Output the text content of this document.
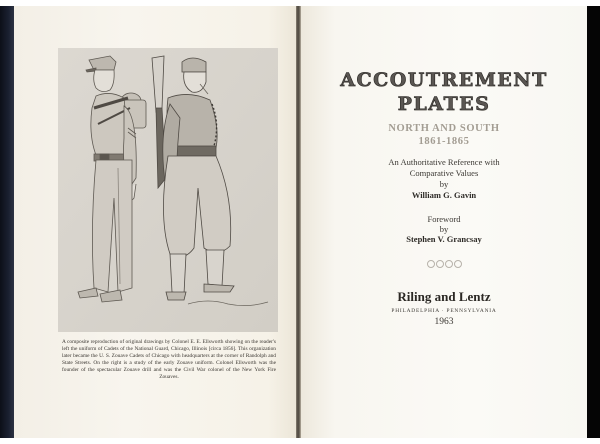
A composite reproduction of original drawings by Colonel E. E. Ellsworth showing on the reader's left the uniform of Cadets of the National Guard, Chicago, Illinois [circa 1856]. This organization later became the U. S. Zouave Cadets of Chicago with headquarters at the corner of Randolph and State Streets. On the right is a study of the early Zouave uniform. Colonel Ellsworth was the founder of the spectacular Zouave drill and was the Civil War colonel of the New York Fire Zouaves.
ACCOUTREMENT
PLATES
NORTH AND SOUTH
1861-1865
An Authoritative Reference with
Comparative Values
by
William G. Gavin
Foreword
by
Stephen V. Grancsay
Riling and Lentz
PHILADELPHIA · PENNSYLVANIA
1963
